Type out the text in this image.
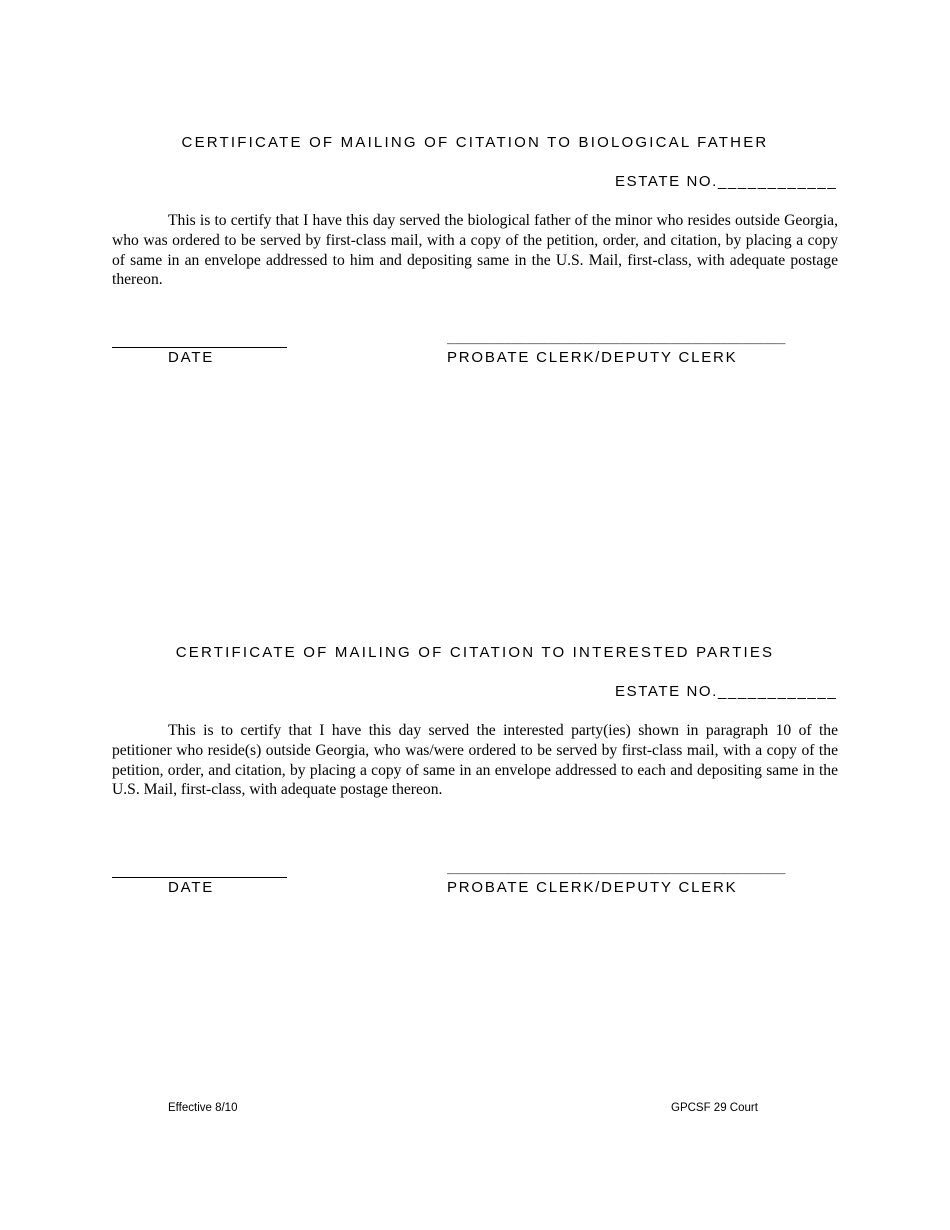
CERTIFICATE OF MAILING OF CITATION TO BIOLOGICAL FATHER
ESTATE NO.____________

This is to certify that I have this day served the biological father of the minor who resides outside Georgia, who was ordered to be served by first-class mail, with a copy of the petition, order, and citation, by placing a copy of same in an envelope addressed to him and depositing same in the U.S. Mail, first-class, with adequate postage thereon.

DATE
_______________________________________________
PROBATE CLERK/DEPUTY CLERK
CERTIFICATE OF MAILING OF CITATION TO INTERESTED PARTIES
ESTATE NO.____________

This is to certify that I have this day served the interested party(ies) shown in paragraph 10 of the petitioner who reside(s) outside Georgia, who was/were ordered to be served by first-class mail, with a copy of the petition, order, and citation, by placing a copy of same in an envelope addressed to each and depositing same in the U.S. Mail, first-class, with adequate postage thereon.

DATE
_______________________________________________
PROBATE CLERK/DEPUTY CLERK
Effective 8/10	GPCSF 29 Court
